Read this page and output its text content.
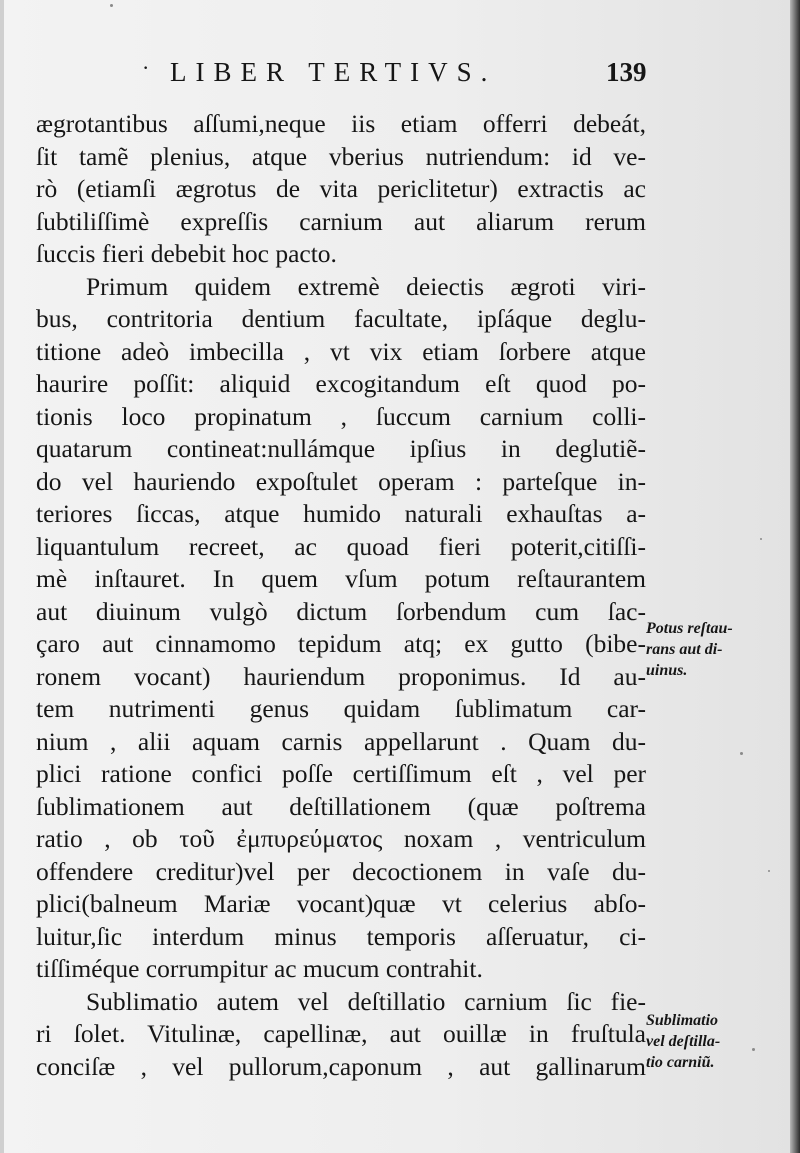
· LIBER TERTIVS.	139
ægrotantibus aſſumi,neque iis etiam offerri debeát,
ſit tamẽ plenius, atque vberius nutriendum: id ve-
rò (etiamſi ægrotus de vita periclitetur) extractis ac
ſubtiliſſimè expreſſis carnium aut aliarum rerum
ſuccis fieri debebit hoc pacto.
Primum quidem extremè deiectis ægroti viri-
bus, contritoria dentium facultate, ipſáque deglu-
titione adeò imbecilla , vt vix etiam ſorbere atque
haurire poſſit: aliquid excogitandum eſt quod po-
tionis loco propinatum , ſuccum carnium colli-
quatarum contineat:nullámque ipſius in deglutiẽ-
do vel hauriendo expoſtulet operam : parteſque in-
teriores ſiccas, atque humido naturali exhauſtas a-
liquantulum recreet, ac quoad fieri poterit,citiſſi-
mè inſtauret. In quem vſum potum reſtaurantem
aut diuinum vulgò dictum ſorbendum cum ſac-
çaro aut cinnamomo tepidum atq; ex gutto (bibe-
ronem vocant) hauriendum proponimus. Id au-
tem nutrimenti genus quidam ſublimatum car-
nium , alii aquam carnis appellarunt . Quam du-
plici ratione confici poſſe certiſſimum eſt , vel per
ſublimationem aut deſtillationem (quæ poſtrema
ratio , ob τοῦ ἐμπυρεύματος noxam , ventriculum
offendere creditur)vel per decoctionem in vaſe du-
plici(balneum Mariæ vocant)quæ vt celerius abſo-
luitur,ſic interdum minus temporis aſſeruatur, ci-
tiſſiméque corrumpitur ac mucum contrahit.
Sublimatio autem vel deſtillatio carnium ſic fie-
ri ſolet. Vitulinæ, capellinæ, aut ouillæ in fruſtula
conciſæ , vel pullorum,caponum , aut gallinarum
Potus reſtau-
rans aut di-
uinus.
Sublimatio
vel deſtilla-
tio carniũ.
